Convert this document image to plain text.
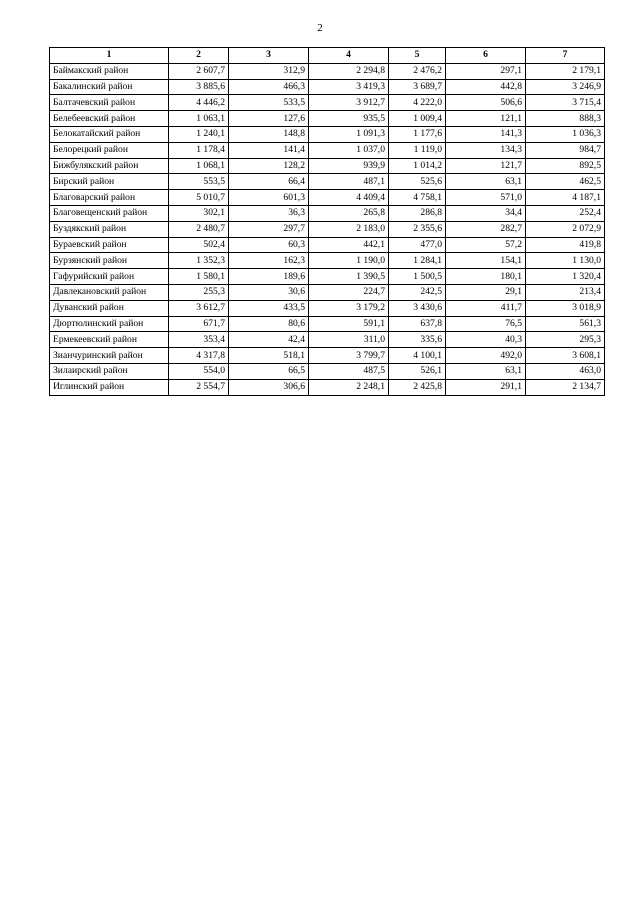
2
1	2	3	4	5	6	7
Баймакский район	2 607,7	312,9	2 294,8	2 476,2	297,1	2 179,1
Бакалинский район	3 885,6	466,3	3 419,3	3 689,7	442,8	3 246,9
Балтачевский район	4 446,2	533,5	3 912,7	4 222,0	506,6	3 715,4
Белебеевский район	1 063,1	127,6	935,5	1 009,4	121,1	888,3
Белокатайский район	1 240,1	148,8	1 091,3	1 177,6	141,3	1 036,3
Белорецкий район	1 178,4	141,4	1 037,0	1 119,0	134,3	984,7
Бижбулякский район	1 068,1	128,2	939,9	1 014,2	121,7	892,5
Бирский район	553,5	66,4	487,1	525,6	63,1	462,5
Благоварский район	5 010,7	601,3	4 409,4	4 758,1	571,0	4 187,1
Благовещенский район	302,1	36,3	265,8	286,8	34,4	252,4
Буздякский район	2 480,7	297,7	2 183,0	2 355,6	282,7	2 072,9
Бураевский район	502,4	60,3	442,1	477,0	57,2	419,8
Бурзянский район	1 352,3	162,3	1 190,0	1 284,1	154,1	1 130,0
Гафурийский район	1 580,1	189,6	1 390,5	1 500,5	180,1	1 320,4
Давлекановский район	255,3	30,6	224,7	242,5	29,1	213,4
Дуванский район	3 612,7	433,5	3 179,2	3 430,6	411,7	3 018,9
Дюртюлинский район	671,7	80,6	591,1	637,8	76,5	561,3
Ермекеевский район	353,4	42,4	311,0	335,6	40,3	295,3
Зианчуринский район	4 317,8	518,1	3 799,7	4 100,1	492,0	3 608,1
Зилаирский район	554,0	66,5	487,5	526,1	63,1	463,0
Иглинский район	2 554,7	306,6	2 248,1	2 425,8	291,1	2 134,7
